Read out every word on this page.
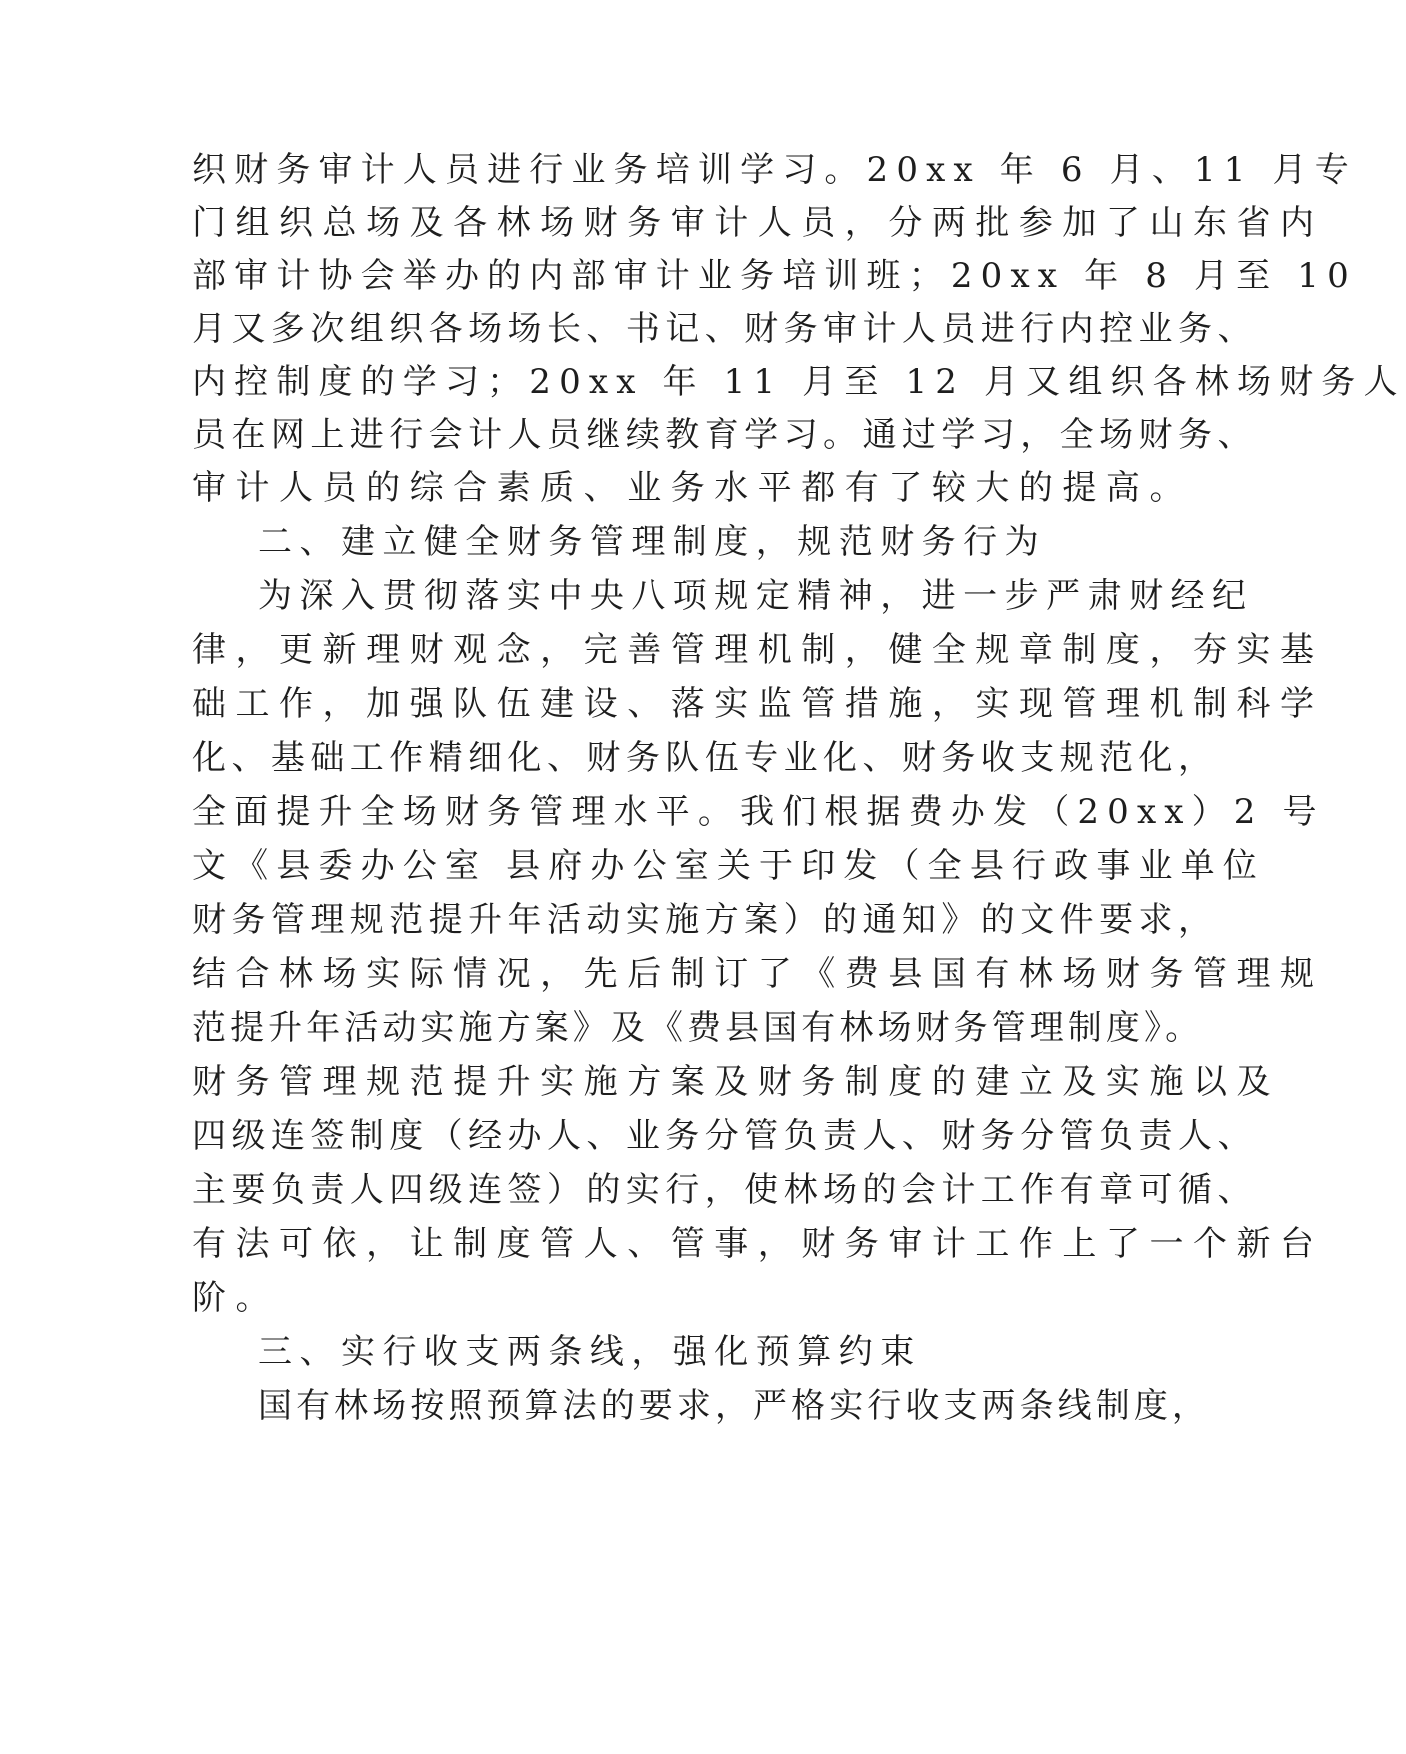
织财务审计人员进行业务培训学习。20xx 年 6 月、11 月专
门组织总场及各林场财务审计人员，分两批参加了山东省内
部审计协会举办的内部审计业务培训班；20xx 年 8 月至 10
月又多次组织各场场长、书记、财务审计人员进行内控业务、
内控制度的学习；20xx 年 11 月至 12 月又组织各林场财务人
员在网上进行会计人员继续教育学习。通过学习，全场财务、
审计人员的综合素质、业务水平都有了较大的提高。
二、建立健全财务管理制度，规范财务行为
为深入贯彻落实中央八项规定精神，进一步严肃财经纪
律，更新理财观念，完善管理机制，健全规章制度，夯实基
础工作，加强队伍建设、落实监管措施，实现管理机制科学
化、基础工作精细化、财务队伍专业化、财务收支规范化，
全面提升全场财务管理水平。我们根据费办发（20xx）2 号
文《县委办公室 县府办公室关于印发（全县行政事业单位
财务管理规范提升年活动实施方案）的通知》的文件要求，
结合林场实际情况，先后制订了《费县国有林场财务管理规
范提升年活动实施方案》及《费县国有林场财务管理制度》。
财务管理规范提升实施方案及财务制度的建立及实施以及
四级连签制度（经办人、业务分管负责人、财务分管负责人、
主要负责人四级连签）的实行，使林场的会计工作有章可循、
有法可依，让制度管人、管事，财务审计工作上了一个新台
阶。
三、实行收支两条线，强化预算约束
国有林场按照预算法的要求，严格实行收支两条线制度，
